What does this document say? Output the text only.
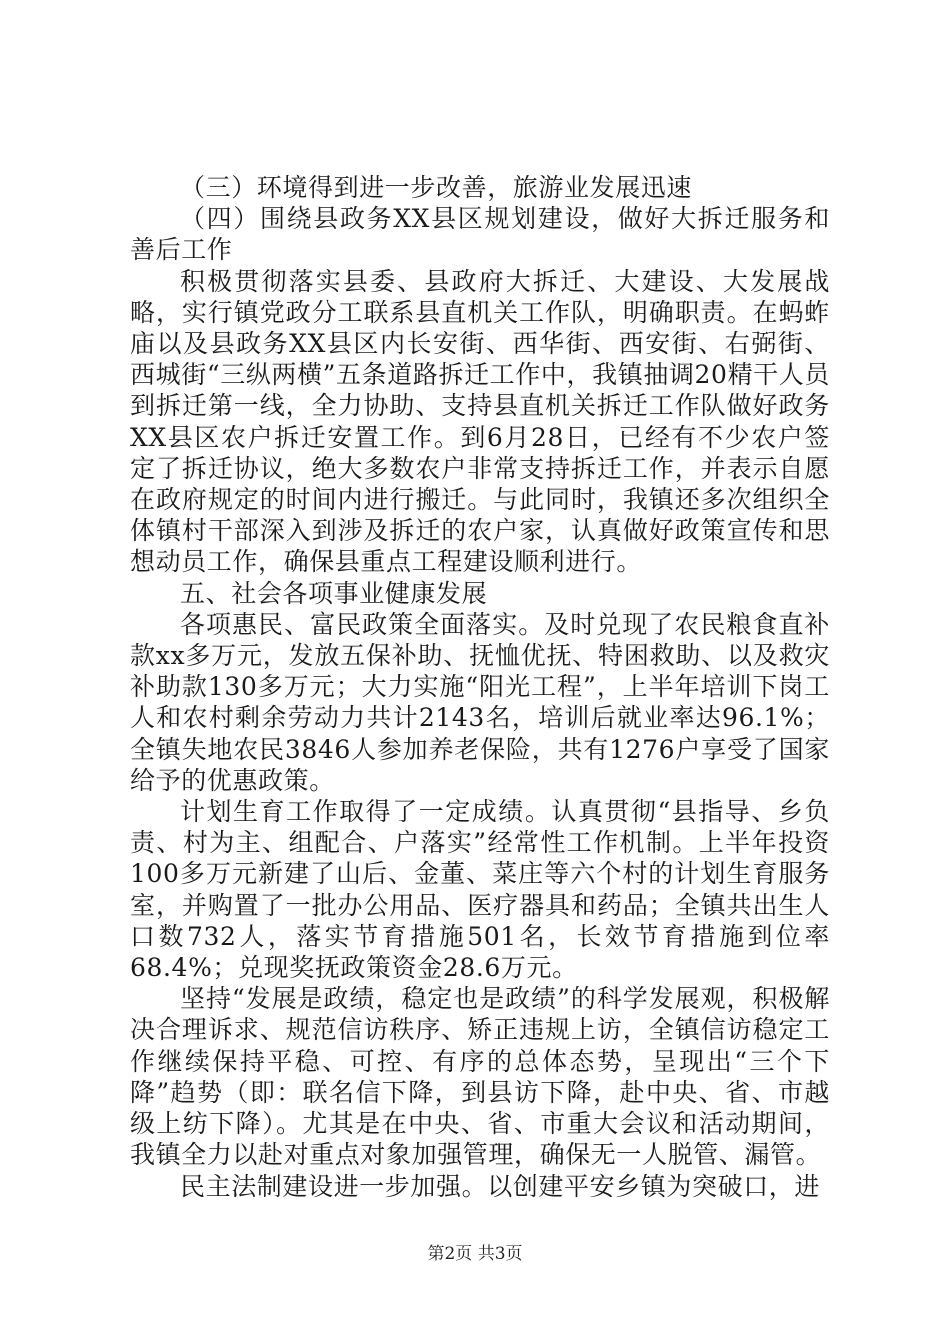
（三）环境得到进一步改善，旅游业发展迅速

（四）围绕县政务XX县区规划建设，做好大拆迁服务和善后工作

积极贯彻落实县委、县政府大拆迁、大建设、大发展战略，实行镇党政分工联系县直机关工作队，明确职责。在蚂蚱庙以及县政务XX县区内长安街、西华街、西安街、右弼街、西城街“三纵两横”五条道路拆迁工作中，我镇抽调20精干人员到拆迁第一线，全力协助、支持县直机关拆迁工作队做好政务XX县区农户拆迁安置工作。到6月28日，已经有不少农户签定了拆迁协议，绝大多数农户非常支持拆迁工作，并表示自愿在政府规定的时间内进行搬迁。与此同时，我镇还多次组织全体镇村干部深入到涉及拆迁的农户家，认真做好政策宣传和思想动员工作，确保县重点工程建设顺利进行。

五、社会各项事业健康发展

各项惠民、富民政策全面落实。及时兑现了农民粮食直补款xx多万元，发放五保补助、抚恤优抚、特困救助、以及救灾补助款130多万元；大力实施“阳光工程”，上半年培训下岗工人和农村剩余劳动力共计2143名，培训后就业率达96.1%；全镇失地农民3846人参加养老保险，共有1276户享受了国家给予的优惠政策。

计划生育工作取得了一定成绩。认真贯彻“县指导、乡负责、村为主、组配合、户落实”经常性工作机制。上半年投资100多万元新建了山后、金董、菜庄等六个村的计划生育服务室，并购置了一批办公用品、医疗器具和药品；全镇共出生人口数732人，落实节育措施501名，长效节育措施到位率68.4%；兑现奖抚政策资金28.6万元。

坚持“发展是政绩，稳定也是政绩”的科学发展观，积极解决合理诉求、规范信访秩序、矫正违规上访，全镇信访稳定工作继续保持平稳、可控、有序的总体态势，呈现出“三个下降”趋势（即：联名信下降，到县访下降，赴中央、省、市越级上纺下降）。尤其是在中央、省、市重大会议和活动期间，我镇全力以赴对重点对象加强管理，确保无一人脱管、漏管。

民主法制建设进一步加强。以创建平安乡镇为突破口，进

第2页 共3页
